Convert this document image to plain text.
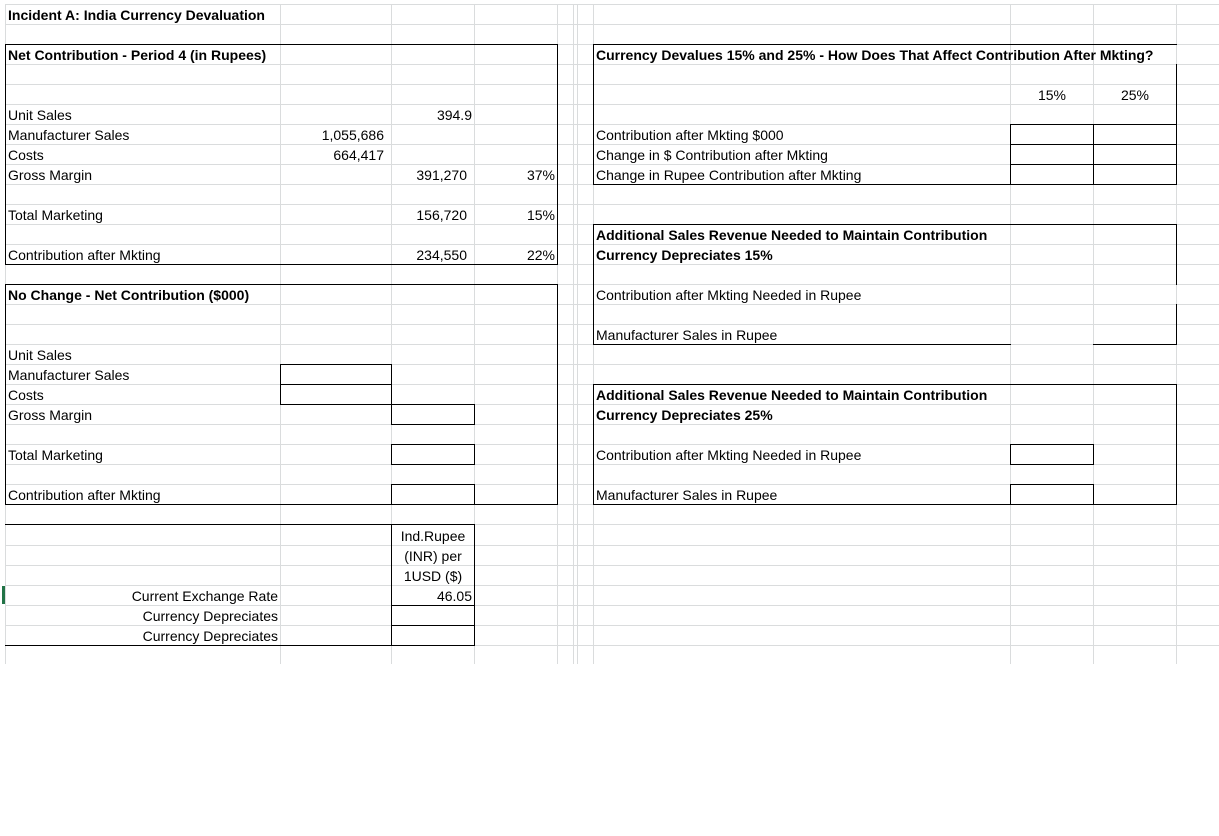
Incident A: India Currency Devaluation
Net Contribution - Period 4 (in Rupees)
Unit Sales	394.9
Manufacturer Sales	1,055,686
Costs	664,417
Gross Margin	391,270	37%
Total Marketing	156,720	15%
Contribution after Mkting	234,550	22%
No Change - Net Contribution ($000)
Unit Sales
Manufacturer Sales
Costs
Gross Margin
Total Marketing
Contribution after Mkting
Ind.Rupee
(INR) per
1USD ($)
Current Exchange Rate	46.05
Currency Depreciates
Currency Depreciates
Currency Devalues 15% and 25% - How Does That Affect Contribution After Mkting?
15%	25%
Contribution after Mkting $000
Change in $ Contribution after Mkting
Change in Rupee Contribution after Mkting
Additional Sales Revenue Needed to Maintain Contribution
Currency Depreciates 15%
Contribution after Mkting Needed in Rupee
Manufacturer Sales in Rupee
Additional Sales Revenue Needed to Maintain Contribution
Currency Depreciates 25%
Contribution after Mkting Needed in Rupee
Manufacturer Sales in Rupee
